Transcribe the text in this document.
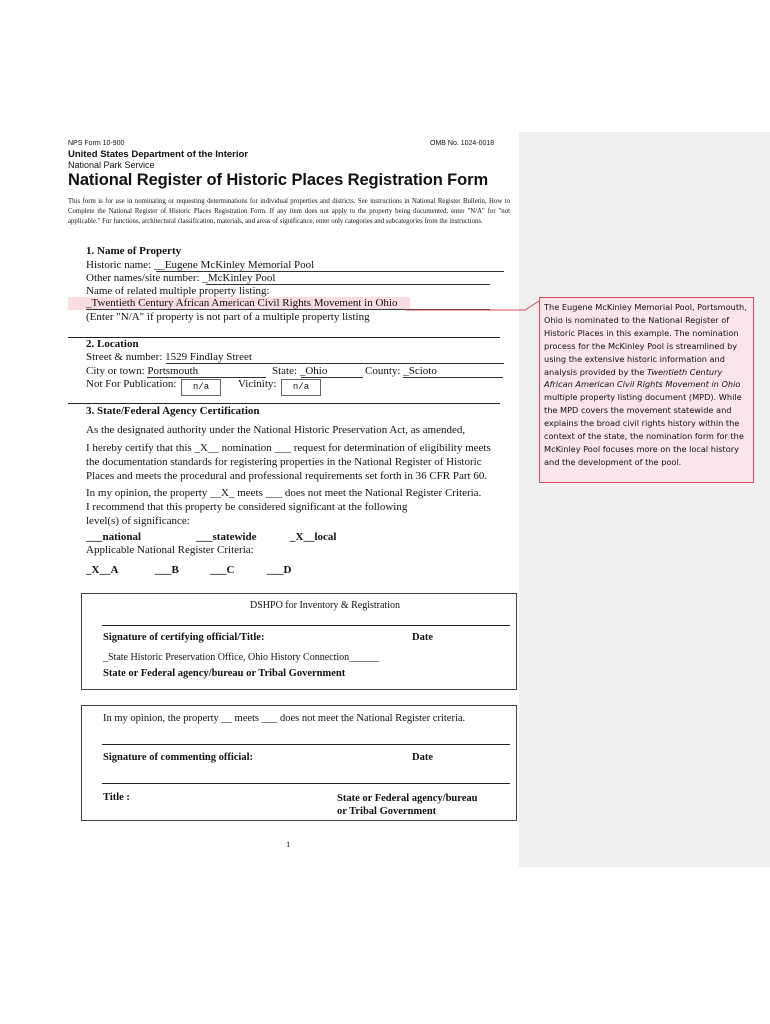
NPS Form 10-900	OMB No. 1024-0018
United States Department of the Interior
National Park Service
National Register of Historic Places Registration Form
This form is for use in nominating or requesting determinations for individual properties and districts. See instructions in National Register Bulletin, How to Complete the National Register of Historic Places Registration Form. If any item does not apply to the property being documented, enter "N/A" for "not applicable." For functions, architectural classification, materials, and areas of significance, enter only categories and subcategories from the instructions.
1. Name of Property
Historic name: __Eugene McKinley Memorial Pool
Other names/site number: _McKinley Pool
Name of related multiple property listing:
_Twentieth Century African American Civil Rights Movement in Ohio
(Enter "N/A" if property is not part of a multiple property listing
2. Location
Street & number: 1529 Findlay Street
City or town: Portsmouth	State: _Ohio	County: _Scioto
Not For Publication:	n/a	Vicinity:	n/a
3. State/Federal Agency Certification
As the designated authority under the National Historic Preservation Act, as amended,
I hereby certify that this _X__ nomination ___ request for determination of eligibility meets
the documentation standards for registering properties in the National Register of Historic
Places and meets the procedural and professional requirements set forth in 36 CFR Part 60.
In my opinion, the property __X_ meets ___ does not meet the National Register Criteria.
I recommend that this property be considered significant at the following
level(s) of significance:
___national	___statewide	_X__local
Applicable National Register Criteria:
_X__A	___B	___C	___D
DSHPO for Inventory & Registration
Signature of certifying official/Title:	Date
_State Historic Preservation Office, Ohio History Connection______
State or Federal agency/bureau or Tribal Government
In my opinion, the property __ meets ___ does not meet the National Register criteria.
Signature of commenting official:	Date
Title :	State or Federal agency/bureau
or Tribal Government
1
The Eugene McKinley Memorial Pool, Portsmouth, Ohio is nominated to the National Register of Historic Places in this example. The nomination process for the McKinley Pool is streamlined by using the extensive historic information and analysis provided by the Twentieth Century African American Civil Rights Movement in Ohio multiple property listing document (MPD). While the MPD covers the movement statewide and explains the broad civil rights history within the context of the state, the nomination form for the McKinley Pool focuses more on the local history and the development of the pool.
